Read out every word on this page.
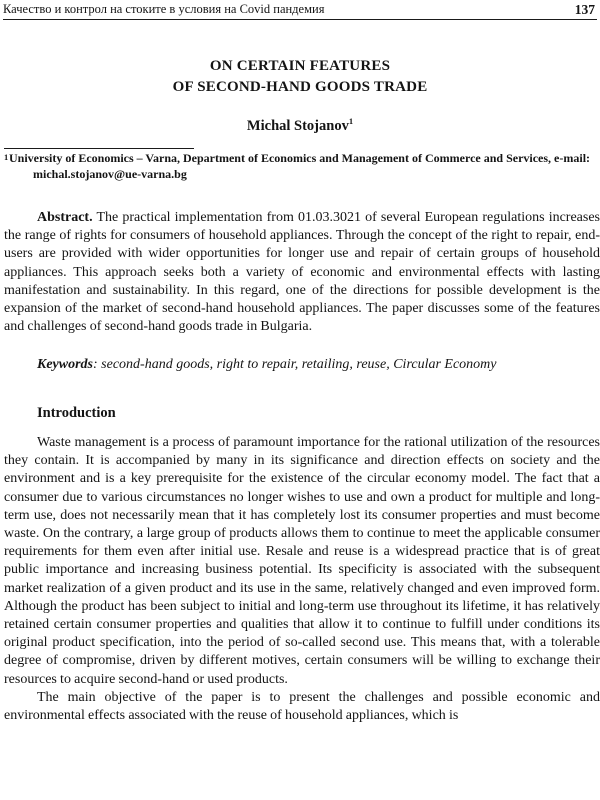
Качество и контрол на стоките в условия на Covid пандемия	137
ON CERTAIN FEATURES
OF SECOND-HAND GOODS TRADE
Michal Stojanov$^1$
1 University of Economics – Varna, Department of Economics and Management of Commerce and Services, e-mail: michal.stojanov@ue-varna.bg

Abstract. The practical implementation from 01.03.3021 of several European regulations increases the range of rights for consumers of household appliances. Through the concept of the right to repair, end-users are provided with wider opportunities for longer use and repair of certain groups of household appliances. This approach seeks both a variety of economic and environmental effects with lasting manifestation and sustainability. In this regard, one of the directions for possible development is the expansion of the market of second-hand household appliances. The paper discusses some of the features and challenges of second-hand goods trade in Bulgaria.

Keywords: second-hand goods, right to repair, retailing, reuse, Circular Economy

Introduction

Waste management is a process of paramount importance for the rational utilization of the resources they contain. It is accompanied by many in its significance and direction effects on society and the environment and is a key prerequisite for the existence of the circular economy model. The fact that a consumer due to various circumstances no longer wishes to use and own a product for multiple and long-term use, does not necessarily mean that it has completely lost its consumer properties and must become waste. On the contrary, a large group of products allows them to continue to meet the applicable consumer requirements for them even after initial use. Resale and reuse is a widespread practice that is of great public importance and increasing business potential. Its specificity is associated with the subsequent market realization of a given product and its use in the same, relatively changed and even improved form. Although the product has been subject to initial and long-term use throughout its lifetime, it has relatively retained certain consumer properties and qualities that allow it to continue to fulfill under conditions its original product specification, into the period of so-called second use. This means that, with a tolerable degree of compromise, driven by different motives, certain consumers will be willing to exchange their resources to acquire second-hand or used products.

The main objective of the paper is to present the challenges and possible economic and environmental effects associated with the reuse of household appliances, which is
